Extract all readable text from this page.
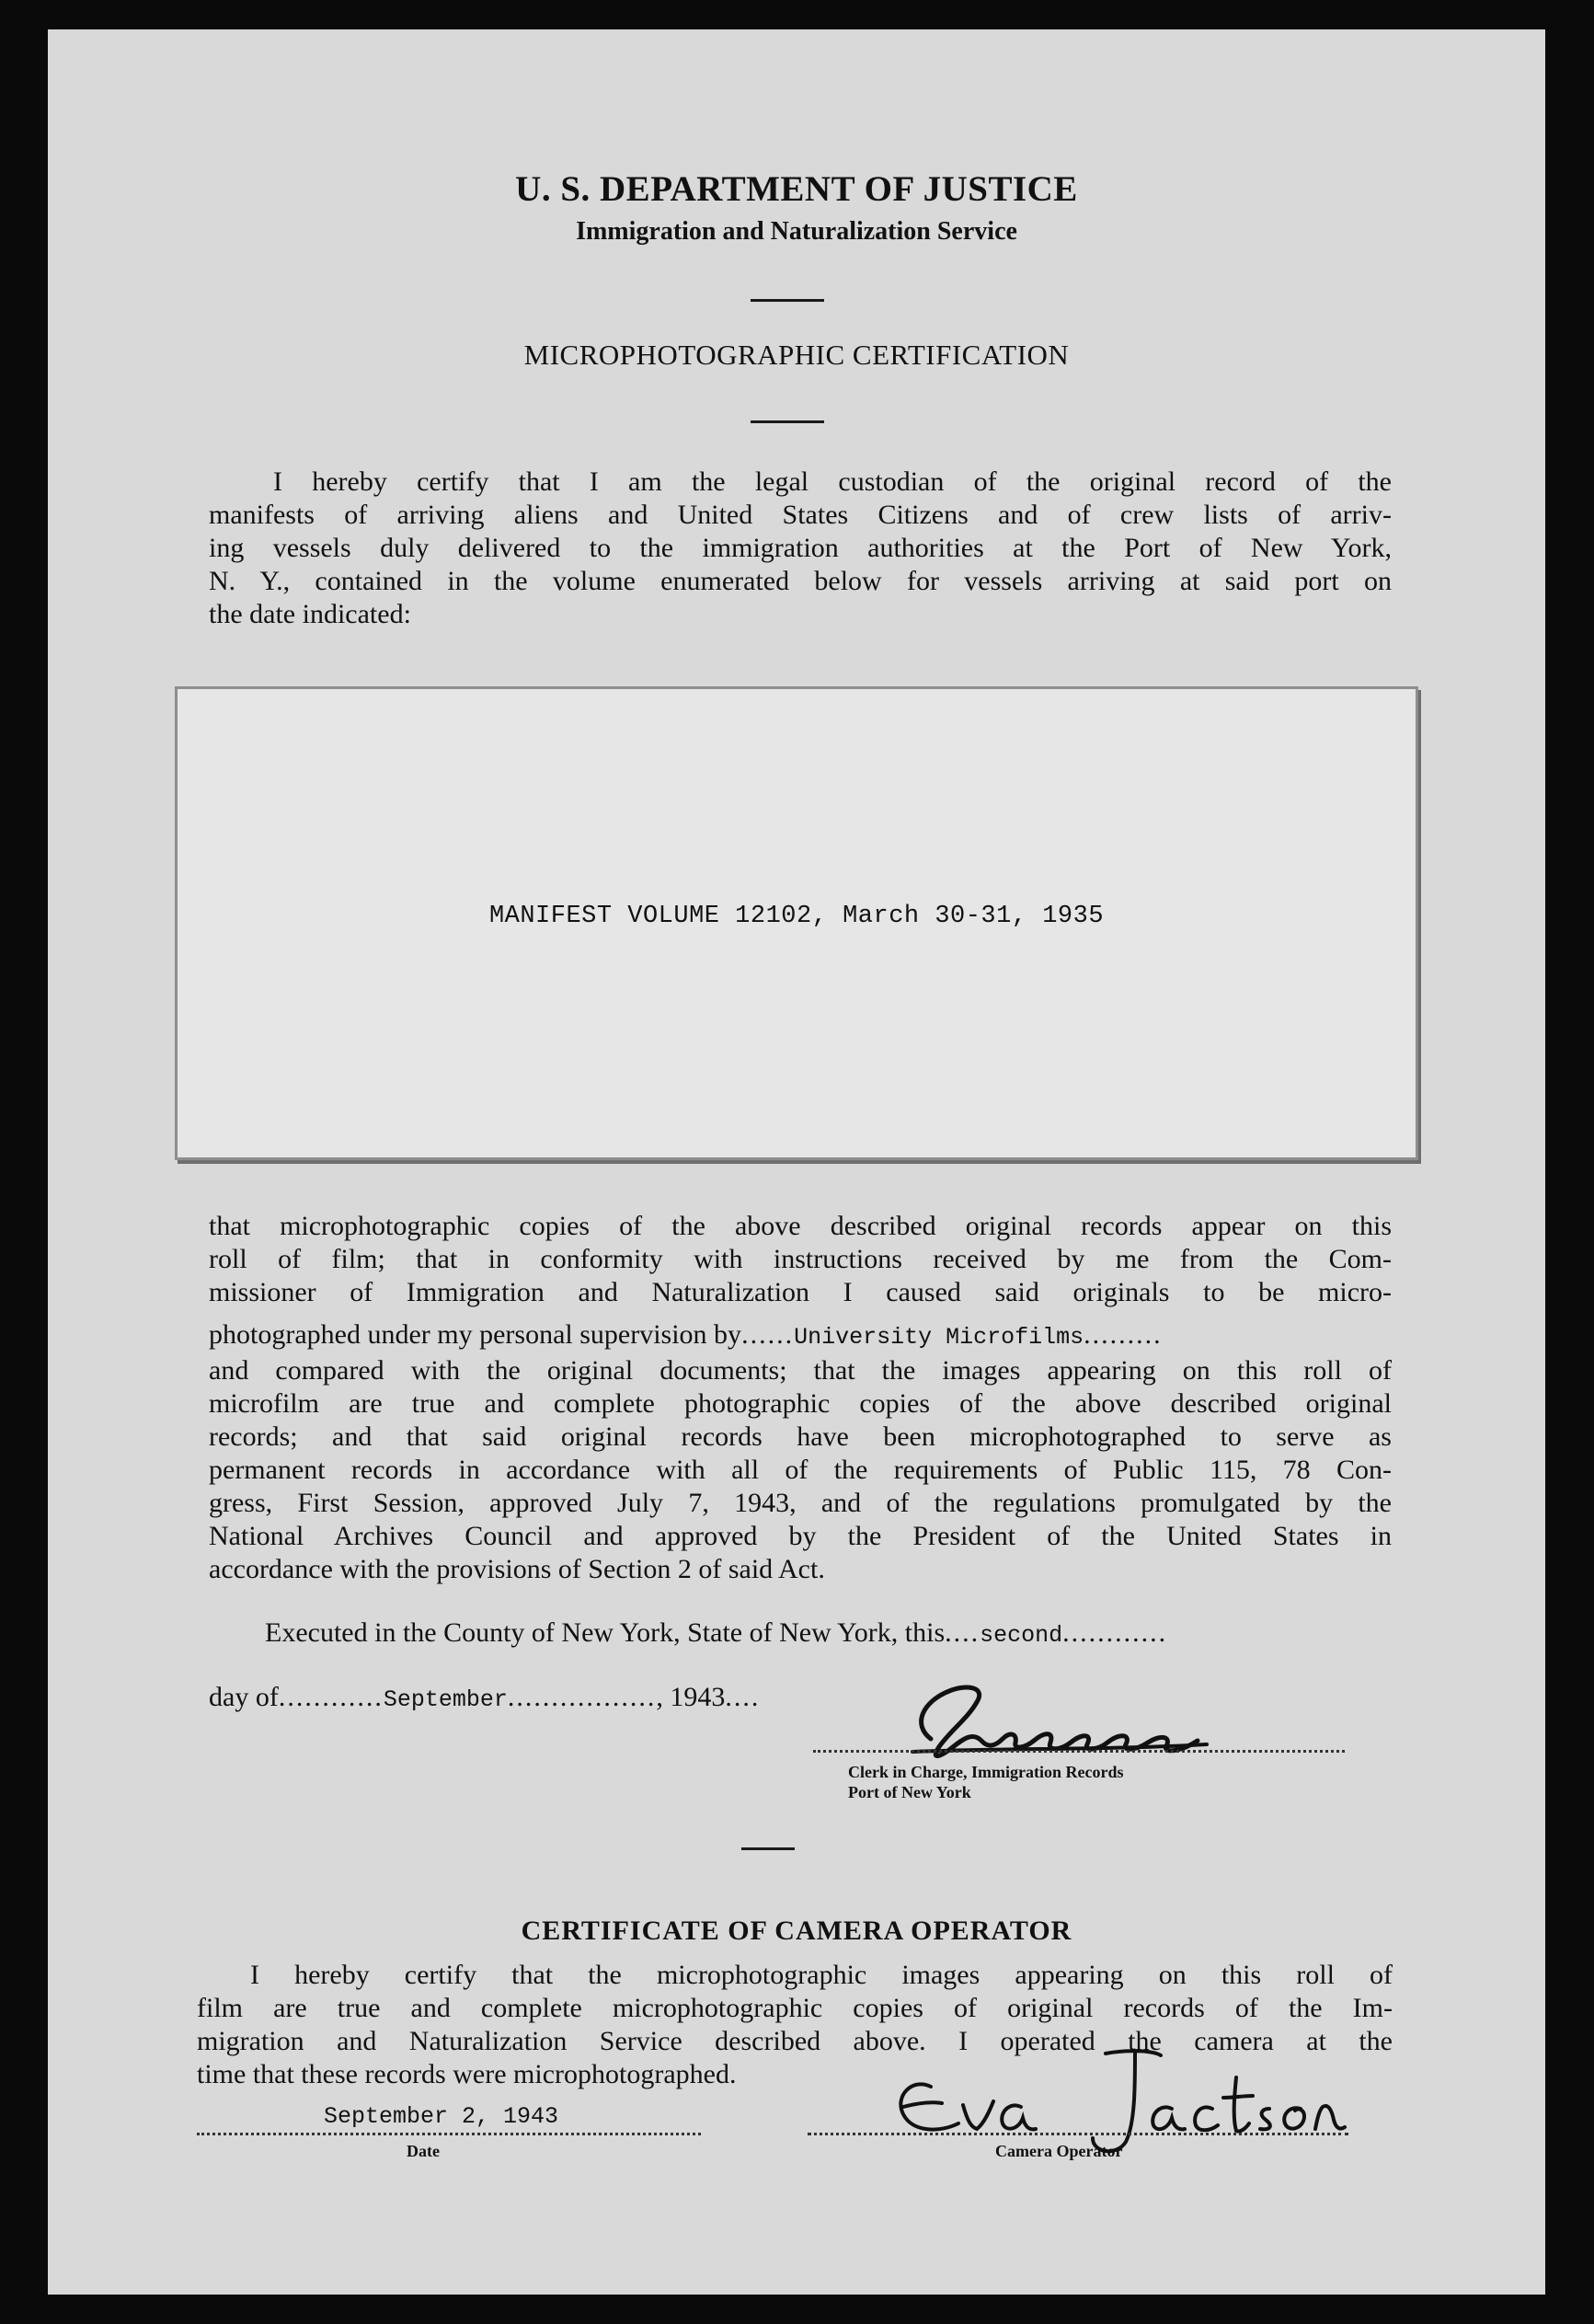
U. S. DEPARTMENT OF JUSTICE
Immigration and Naturalization Service
MICROPHOTOGRAPHIC CERTIFICATION
I hereby certify that I am the legal custodian of the original record of the
manifests of arriving aliens and United States Citizens and of crew lists of arriv-
ing vessels duly delivered to the immigration authorities at the Port of New York,
N. Y., contained in the volume enumerated below for vessels arriving at said port on
the date indicated:
MANIFEST VOLUME 12102, March 30-31, 1935
that microphotographic copies of the above described original records appear on this
roll of film; that in conformity with instructions received by me from the Com-
missioner of Immigration and Naturalization I caused said originals to be micro-
photographed under my personal supervision by......University Microfilms.........
and compared with the original documents; that the images appearing on this roll of
microfilm are true and complete photographic copies of the above described original
records; and that said original records have been microphotographed to serve as
permanent records in accordance with all of the requirements of Public 115, 78 Con-
gress, First Session, approved July 7, 1943, and of the regulations promulgated by the
National Archives Council and approved by the President of the United States in
accordance with the provisions of Section 2 of said Act.
Executed in the County of New York, State of New York, this....second............
day of............September................., 1943....
Clerk in Charge, Immigration Records
Port of New York
CERTIFICATE OF CAMERA OPERATOR
I hereby certify that the microphotographic images appearing on this roll of
film are true and complete microphotographic copies of original records of the Im-
migration and Naturalization Service described above. I operated the camera at the
time that these records were microphotographed.
September 2, 1943
Date	Camera Operator
